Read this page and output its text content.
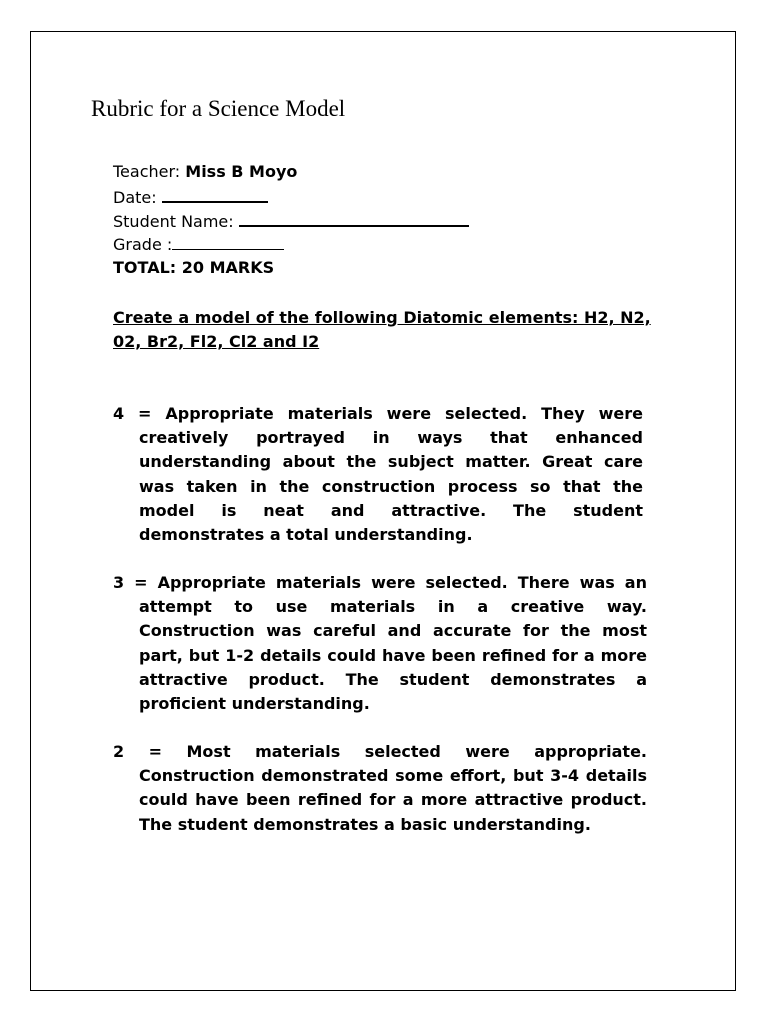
Rubric for a Science Model
Teacher: Miss B Moyo
Date:
Student Name:
Grade :
TOTAL: 20 MARKS
Create a model of the following Diatomic elements: H2, N2, 02, Br2, Fl2, Cl2 and I2
4 = Appropriate materials were selected. They were creatively portrayed in ways that enhanced understanding about the subject matter. Great care was taken in the construction process so that the model is neat and attractive. The student demonstrates a total understanding.
3 = Appropriate materials were selected. There was an attempt to use materials in a creative way. Construction was careful and accurate for the most part, but 1-2 details could have been refined for a more attractive product. The student demonstrates a proficient understanding.
2 = Most materials selected were appropriate. Construction demonstrated some effort, but 3-4 details could have been refined for a more attractive product. The student demonstrates a basic understanding.
